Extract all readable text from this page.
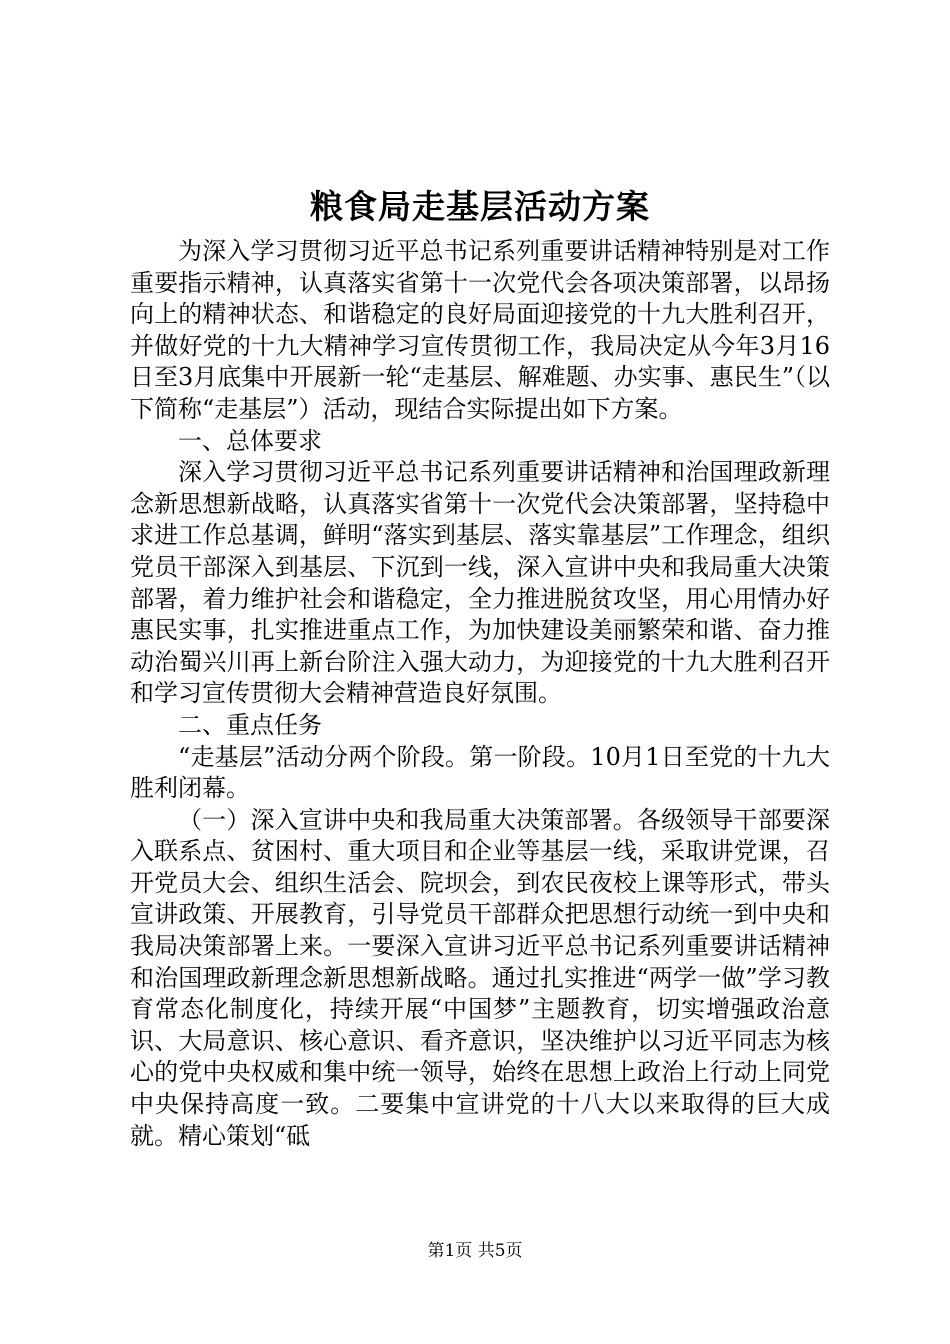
粮食局走基层活动方案

为深入学习贯彻习近平总书记系列重要讲话精神特别是对工作重要指示精神，认真落实省第十一次党代会各项决策部署，以昂扬向上的精神状态、和谐稳定的良好局面迎接党的十九大胜利召开，并做好党的十九大精神学习宣传贯彻工作，我局决定从今年3月16日至3月底集中开展新一轮“走基层、解难题、办实事、惠民生”（以下简称“走基层”）活动，现结合实际提出如下方案。

一、总体要求

深入学习贯彻习近平总书记系列重要讲话精神和治国理政新理念新思想新战略，认真落实省第十一次党代会决策部署，坚持稳中求进工作总基调，鲜明“落实到基层、落实靠基层”工作理念，组织党员干部深入到基层、下沉到一线，深入宣讲中央和我局重大决策部署，着力维护社会和谐稳定，全力推进脱贫攻坚，用心用情办好惠民实事，扎实推进重点工作，为加快建设美丽繁荣和谐、奋力推动治蜀兴川再上新台阶注入强大动力，为迎接党的十九大胜利召开和学习宣传贯彻大会精神营造良好氛围。

二、重点任务

“走基层”活动分两个阶段。第一阶段。10月1日至党的十九大胜利闭幕。

（一）深入宣讲中央和我局重大决策部署。各级领导干部要深入联系点、贫困村、重大项目和企业等基层一线，采取讲党课，召开党员大会、组织生活会、院坝会，到农民夜校上课等形式，带头宣讲政策、开展教育，引导党员干部群众把思想行动统一到中央和我局决策部署上来。一要深入宣讲习近平总书记系列重要讲话精神和治国理政新理念新思想新战略。通过扎实推进“两学一做”学习教育常态化制度化，持续开展“中国梦”主题教育，切实增强政治意识、大局意识、核心意识、看齐意识，坚决维护以习近平同志为核心的党中央权威和集中统一领导，始终在思想上政治上行动上同党中央保持高度一致。二要集中宣讲党的十八大以来取得的巨大成就。精心策划“砥

第1页 共5页
